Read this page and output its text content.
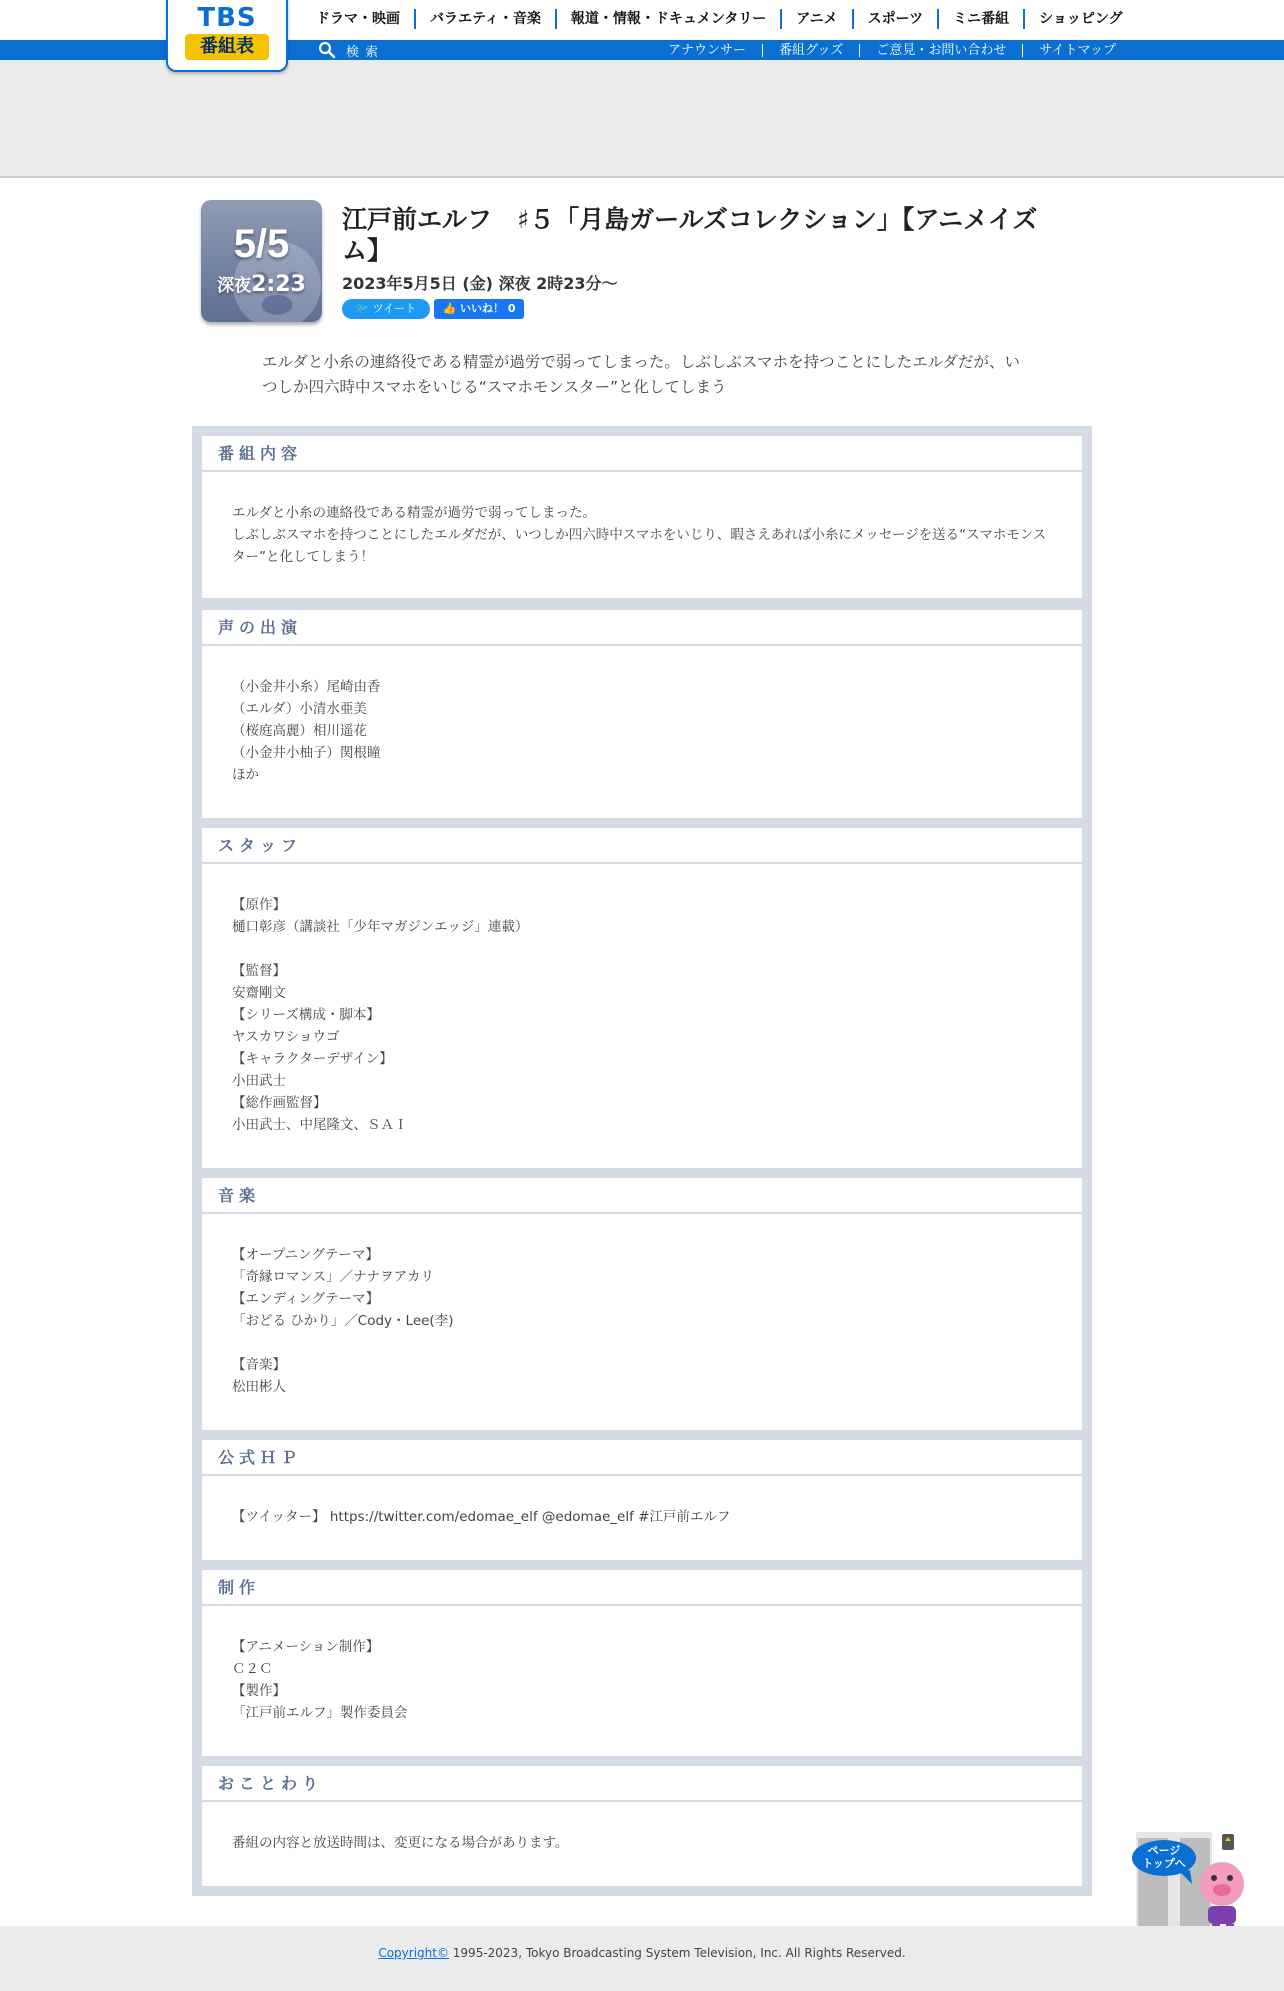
TBS
番組表
ドラマ・映画	バラエティ・音楽	報道・情報・ドキュメンタリー	アニメ	スポーツ	ミニ番組	ショッピング
検索	アナウンサー	番組グッズ	ご意見・お問い合わせ	サイトマップ
5/5
深夜2:23
江戸前エルフ　♯５「月島ガールズコレクション」【アニメイズム】
2023年5月5日 (金) 深夜 2時23分〜
🐦 ツイート	👍 いいね！ 0

エルダと小糸の連絡役である精霊が過労で弱ってしまった。しぶしぶスマホを持つことにしたエルダだが、いつしか四六時中スマホをいじる“スマホモンスター”と化してしまう

番組内容
エルダと小糸の連絡役である精霊が過労で弱ってしまった。
しぶしぶスマホを持つことにしたエルダだが、いつしか四六時中スマホをいじり、暇さえあれば小糸にメッセージを送る“スマホモンスター”と化してしまう！
声の出演
（小金井小糸）尾崎由香
（エルダ）小清水亜美
（桜庭高麗）相川遥花
（小金井小柚子）関根瞳
ほか
スタッフ
【原作】
樋口彰彦（講談社「少年マガジンエッジ」連載）
【監督】
安齋剛文
【シリーズ構成・脚本】
ヤスカワショウゴ
【キャラクターデザイン】
小田武士
【総作画監督】
小田武士、中尾隆文、ＳＡＩ
音楽
【オープニングテーマ】
「奇縁ロマンス」／ナナヲアカリ
【エンディングテーマ】
「おどる ひかり」／Cody・Lee(李)
【音楽】
松田彬人
公式ＨＰ
【ツイッター】 https://twitter.com/edomae_elf @edomae_elf #江戸前エルフ
制作
【アニメーション制作】
Ｃ２Ｃ
【製作】
「江戸前エルフ」製作委員会
おことわり
番組の内容と放送時間は、変更になる場合があります。	ページ
トップへ
Copyright© 1995-2023, Tokyo Broadcasting System Television, Inc. All Rights Reserved.
